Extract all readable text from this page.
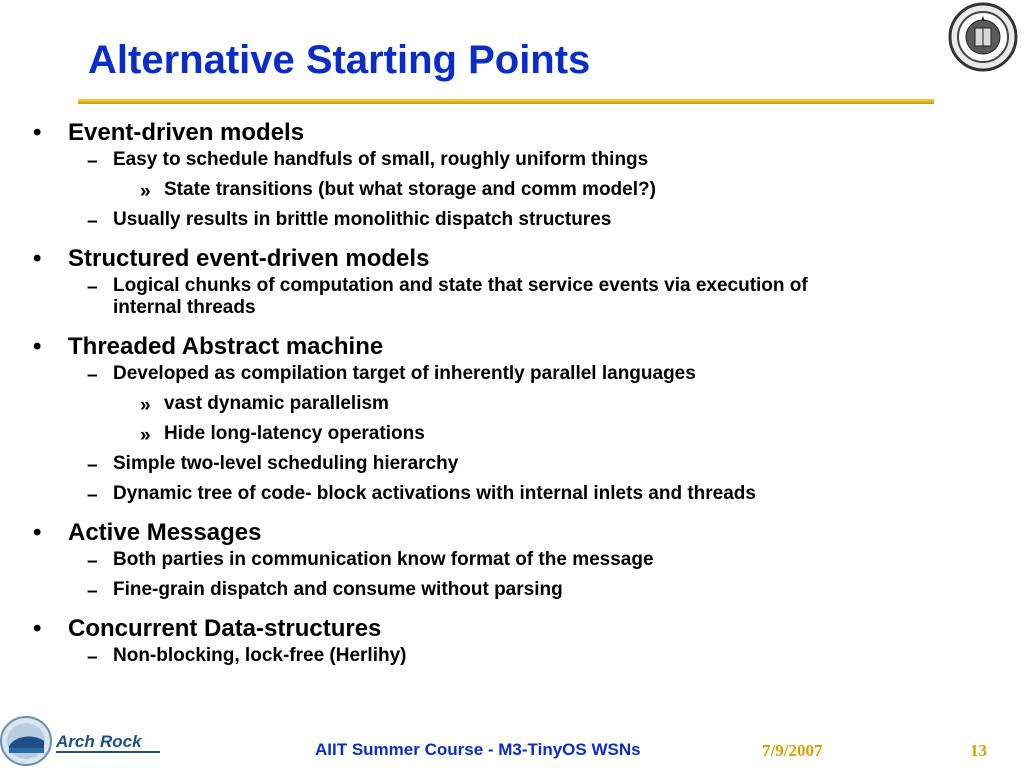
Alternative Starting Points
• Event-driven models
– Easy to schedule handfuls of small, roughly uniform things
» State transitions (but what storage and comm model?)
– Usually results in brittle monolithic dispatch structures
• Structured event-driven models
– Logical chunks of computation and state that service events via execution of
internal threads
• Threaded Abstract machine
– Developed as compilation target of inherently parallel languages
» vast dynamic parallelism
» Hide long-latency operations
– Simple two-level scheduling hierarchy
– Dynamic tree of code- block activations with internal inlets and threads
• Active Messages
– Both parties in communication know format of the message
– Fine-grain dispatch and consume without parsing
• Concurrent Data-structures
– Non-blocking, lock-free (Herlihy)
Arch Rock	AIIT Summer Course - M3-TinyOS WSNs	7/9/2007	13
